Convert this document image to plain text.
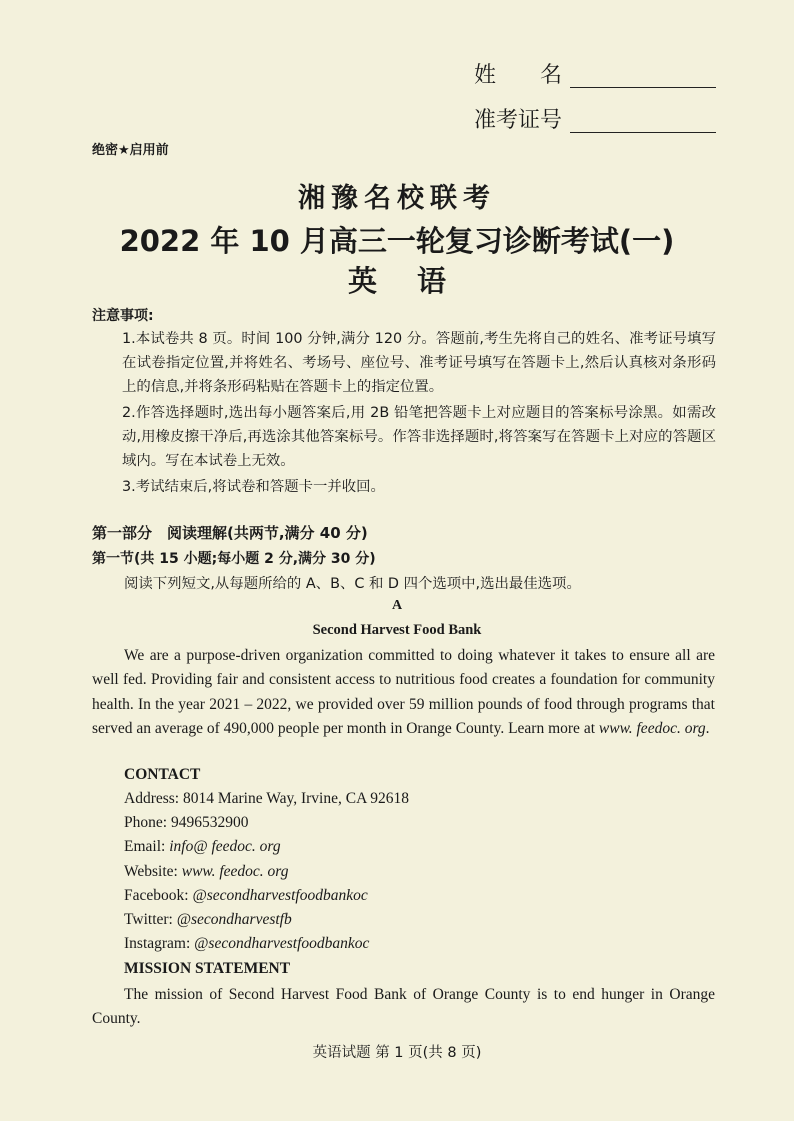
姓　　名
准考证号
绝密★启用前
湘豫名校联考
2022 年 10 月高三一轮复习诊断考试(一)
英语
注意事项:
1.本试卷共 8 页。时间 100 分钟,满分 120 分。答题前,考生先将自己的姓名、准考证号填写在试卷指定位置,并将姓名、考场号、座位号、准考证号填写在答题卡上,然后认真核对条形码上的信息,并将条形码粘贴在答题卡上的指定位置。
2.作答选择题时,选出每小题答案后,用 2B 铅笔把答题卡上对应题目的答案标号涂黑。如需改动,用橡皮擦干净后,再选涂其他答案标号。作答非选择题时,将答案写在答题卡上对应的答题区域内。写在本试卷上无效。
3.考试结束后,将试卷和答题卡一并收回。
第一部分　阅读理解(共两节,满分 40 分)
第一节(共 15 小题;每小题 2 分,满分 30 分)
阅读下列短文,从每题所给的 A、B、C 和 D 四个选项中,选出最佳选项。
A
Second Harvest Food Bank
We are a purpose-driven organization committed to doing whatever it takes to ensure all are well fed. Providing fair and consistent access to nutritious food creates a foundation for community health. In the year 2021 – 2022, we provided over 59 million pounds of food through programs that served an average of 490,000 people per month in Orange County. Learn more at www. feedoc. org.
CONTACT
Address: 8014 Marine Way, Irvine, CA 92618
Phone: 9496532900
Email: info@ feedoc. org
Website: www. feedoc. org
Facebook: @secondharvestfoodbankoc
Twitter: @secondharvestfb
Instagram: @secondharvestfoodbankoc
MISSION STATEMENT
The mission of Second Harvest Food Bank of Orange County is to end hunger in Orange County.
英语试题 第 1 页(共 8 页)
